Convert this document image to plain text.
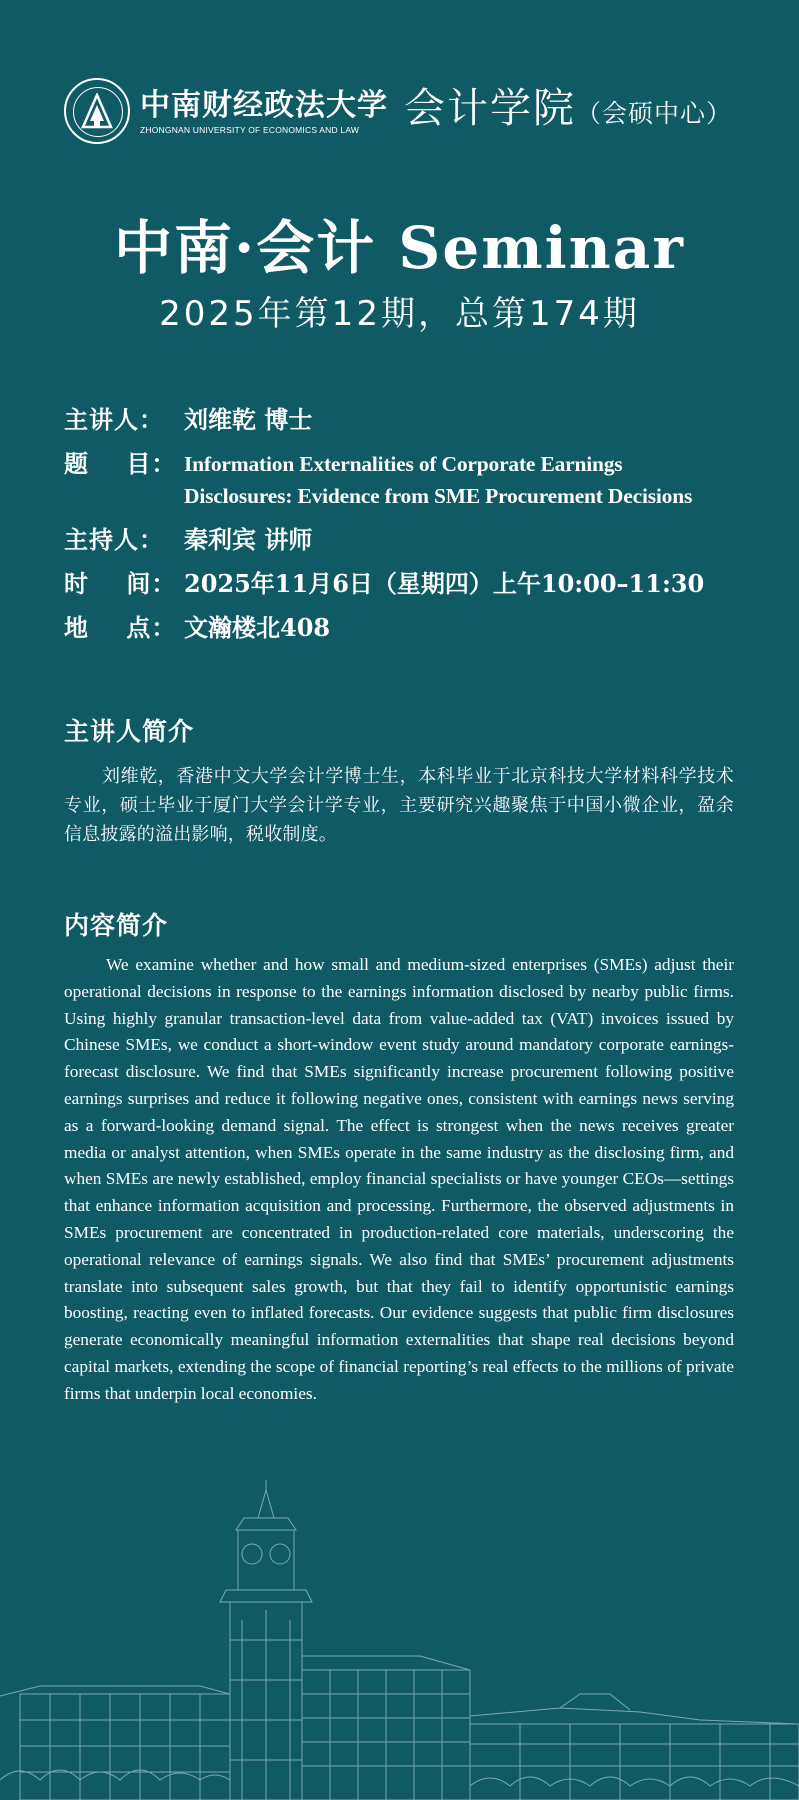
中南财经政法大学
ZHONGNAN UNIVERSITY OF ECONOMICS AND LAW	会计学院（会硕中心）
中南·会计 Seminar
2025年第12期，总第174期
主讲人： 刘维乾 博士
题    目： Information Externalities of Corporate Earnings
Disclosures: Evidence from SME Procurement Decisions
主持人： 秦利宾 讲师
时    间： 2025年11月6日（星期四）上午10:00–11:30
地    点： 文瀚楼北408
主讲人简介
刘维乾，香港中文大学会计学博士生，本科毕业于北京科技大学材料科学技术专业，硕士毕业于厦门大学会计学专业，主要研究兴趣聚焦于中国小微企业，盈余信息披露的溢出影响，税收制度。
内容简介
We examine whether and how small and medium-sized enterprises (SMEs) adjust their operational decisions in response to the earnings information disclosed by nearby public firms. Using highly granular transaction-level data from value-added tax (VAT) invoices issued by Chinese SMEs, we conduct a short-window event study around mandatory corporate earnings-forecast disclosure. We find that SMEs significantly increase procurement following positive earnings surprises and reduce it following negative ones, consistent with earnings news serving as a forward-looking demand signal. The effect is strongest when the news receives greater media or analyst attention, when SMEs operate in the same industry as the disclosing firm, and when SMEs are newly established, employ financial specialists or have younger CEOs—settings that enhance information acquisition and processing. Furthermore, the observed adjustments in SMEs procurement are concentrated in production-related core materials, underscoring the operational relevance of earnings signals. We also find that SMEs’ procurement adjustments translate into subsequent sales growth, but that they fail to identify opportunistic earnings boosting, reacting even to inflated forecasts. Our evidence suggests that public firm disclosures generate economically meaningful information externalities that shape real decisions beyond capital markets, extending the scope of financial reporting’s real effects to the millions of private firms that underpin local economies.
